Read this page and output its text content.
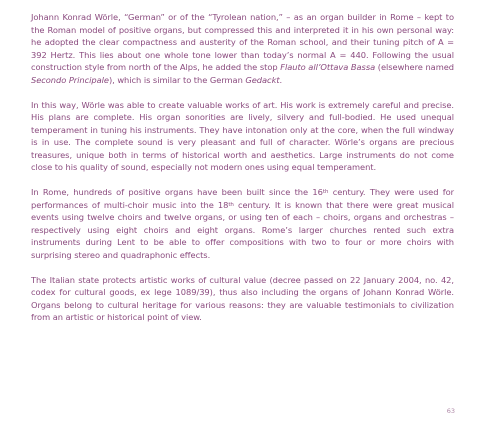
Johann Konrad Wörle, “German” or of the “Tyrolean nation,” – as an organ builder in Rome – kept to the Roman model of positive organs, but compressed this and interpreted it in his own personal way: he adopted the clear compactness and austerity of the Roman school, and their tuning pitch of A = 392 Hertz. This lies about one whole tone lower than today’s normal A = 440. Following the usual construction style from north of the Alps, he added the stop Flauto all’Ottava Bassa (elsewhere named Secondo Principale), which is similar to the German Gedackt.

In this way, Wörle was able to create valuable works of art. His work is extremely careful and precise. His plans are complete. His organ sonorities are lively, silvery and full-bodied. He used unequal temperament in tuning his instruments. They have intonation only at the core, when the full windway is in use. The complete sound is very pleasant and full of character. Wörle’s organs are precious treasures, unique both in terms of historical worth and aesthetics. Large instruments do not come close to his quality of sound, especially not modern ones using equal temperament.

In Rome, hundreds of positive organs have been built since the 16th century. They were used for performances of multi-choir music into the 18th century. It is known that there were great musical events using twelve choirs and twelve organs, or using ten of each – choirs, organs and orchestras – respectively using eight choirs and eight organs. Rome’s larger churches rented such extra instruments during Lent to be able to offer compositions with two to four or more choirs with surprising stereo and quadraphonic effects.

The Italian state protects artistic works of cultural value (decree passed on 22 January 2004, no. 42, codex for cultural goods, ex lege 1089/39), thus also including the organs of Johann Konrad Wörle. Organs belong to cultural heritage for various reasons: they are valuable testimonials to civilization from an artistic or historical point of view.

63
